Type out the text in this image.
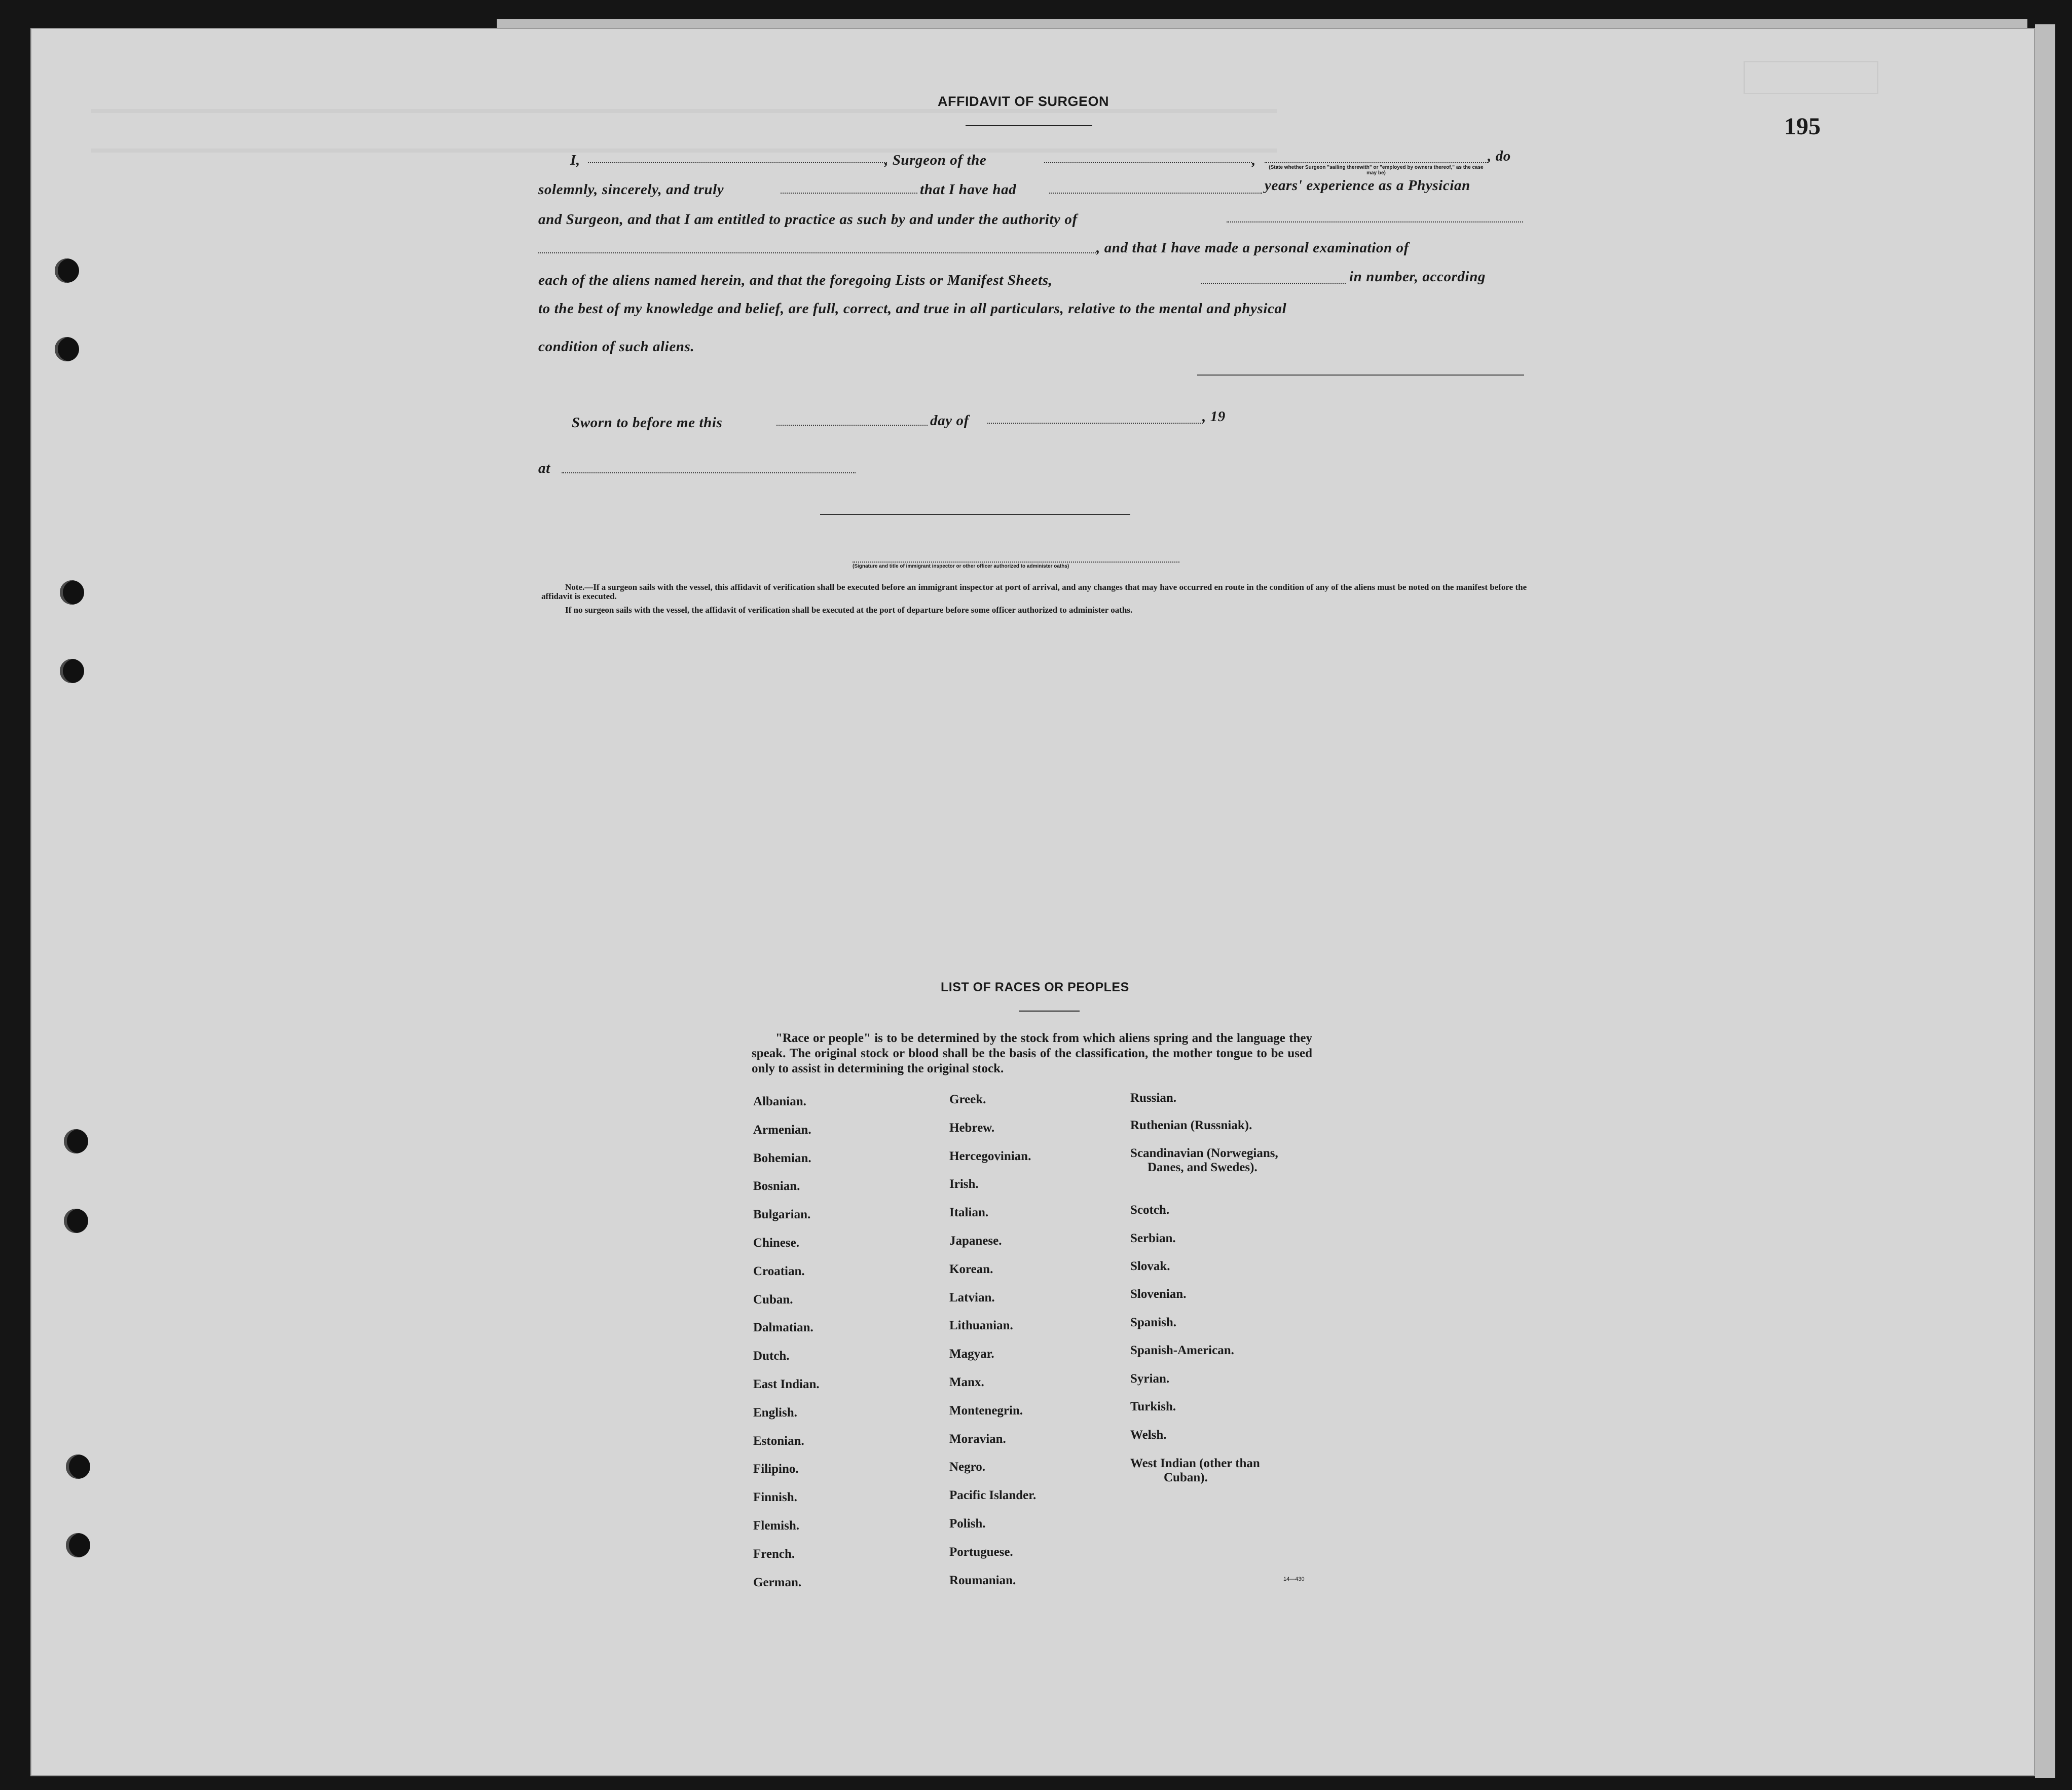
195
AFFIDAVIT OF SURGEON
I,	, Surgeon of the	,	, do
(State whether Surgeon "sailing therewith" or "employed by owners thereof," as the case may be)
solemnly, sincerely, and truly	that I have had	years' experience as a Physician
and Surgeon, and that I am entitled to practice as such by and under the authority of
, and that I have made a personal examination of
each of the aliens named herein, and that the foregoing Lists or Manifest Sheets,	in number, according
to the best of my knowledge and belief, are full, correct, and true in all particulars, relative to the mental and physical
condition of such aliens.
Sworn to before me this	day of	, 19
at
(Signature and title of immigrant inspector or other officer authorized to administer oaths)
Note.—If a surgeon sails with the vessel, this affidavit of verification shall be executed before an immigrant inspector at port of arrival, and any changes that may have occurred en route in the condition of any of the aliens must be noted on the manifest before the affidavit is executed.
If no surgeon sails with the vessel, the affidavit of verification shall be executed at the port of departure before some officer authorized to administer oaths.
LIST OF RACES OR PEOPLES
"Race or people" is to be determined by the stock from which aliens spring and the language they speak. The original stock or blood shall be the basis of the classification, the mother tongue to be used only to assist in determining the original stock.
Albanian.
Armenian.
Bohemian.
Bosnian.
Bulgarian.
Chinese.
Croatian.
Cuban.
Dalmatian.
Dutch.
East Indian.
English.
Estonian.
Filipino.
Finnish.
Flemish.
French.
German.
Greek.
Hebrew.
Hercegovinian.
Irish.
Italian.
Japanese.
Korean.
Latvian.
Lithuanian.
Magyar.
Manx.
Montenegrin.
Moravian.
Negro.
Pacific Islander.
Polish.
Portuguese.
Roumanian.
Russian.
Ruthenian (Russniak).
Scandinavian (Norwegians,
Danes, and Swedes).
Scotch.
Serbian.
Slovak.
Slovenian.
Spanish.
Spanish-American.
Syrian.
Turkish.
Welsh.
West Indian (other than
Cuban).
14—430
